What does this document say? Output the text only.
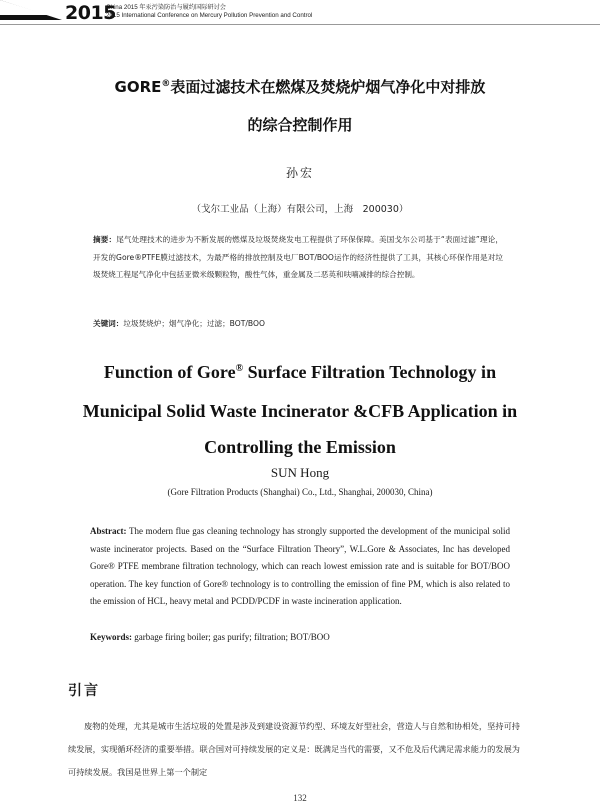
2015
China 2015 年汞污染防治与履约国际研讨会
2015 International Conference on Mercury Pollution Prevention and Control
GORE®表面过滤技术在燃煤及焚烧炉烟气净化中对排放
的综合控制作用
孙宏
（戈尔工业品（上海）有限公司，上海　200030）
摘要：尾气处理技术的进步为不断发展的燃煤及垃圾焚烧发电工程提供了环保保障。美国戈尔公司基于“表面过滤”理论，开发的Gore®PTFE膜过滤技术，为最严格的排放控制及电厂BOT/BOO运作的经济性提供了工具，其核心环保作用是对垃圾焚烧工程尾气净化中包括亚微米级颗粒物，酸性气体，重金属及二恶英和呋喃减排的综合控制。
关键词：垃圾焚烧炉；烟气净化；过滤；BOT/BOO
Function of Gore® Surface Filtration Technology in
Municipal Solid Waste Incinerator &CFB Application in
Controlling the Emission
SUN Hong
(Gore Filtration Products (Shanghai) Co., Ltd., Shanghai, 200030, China)
Abstract: The modern flue gas cleaning technology has strongly supported the development of the municipal solid waste incinerator projects. Based on the “Surface Filtration Theory”, W.L.Gore & Associates, Inc has developed Gore® PTFE membrane filtration technology, which can reach lowest emission rate and is suitable for BOT/BOO operation. The key function of Gore® technology is to controlling the emission of fine PM, which is also related to the emission of HCL, heavy metal and PCDD/PCDF in waste incineration application.
Keywords: garbage firing boiler; gas purify; filtration; BOT/BOO
引言
废物的处理，尤其是城市生活垃圾的处置是涉及到建设资源节约型、环境友好型社会，营造人与自然和协相处，坚持可持续发展，实现循环经济的重要举措。联合国对可持续发展的定义是：既满足当代的需要，又不危及后代满足需求能力的发展为可持续发展。我国是世界上第一个制定
132
